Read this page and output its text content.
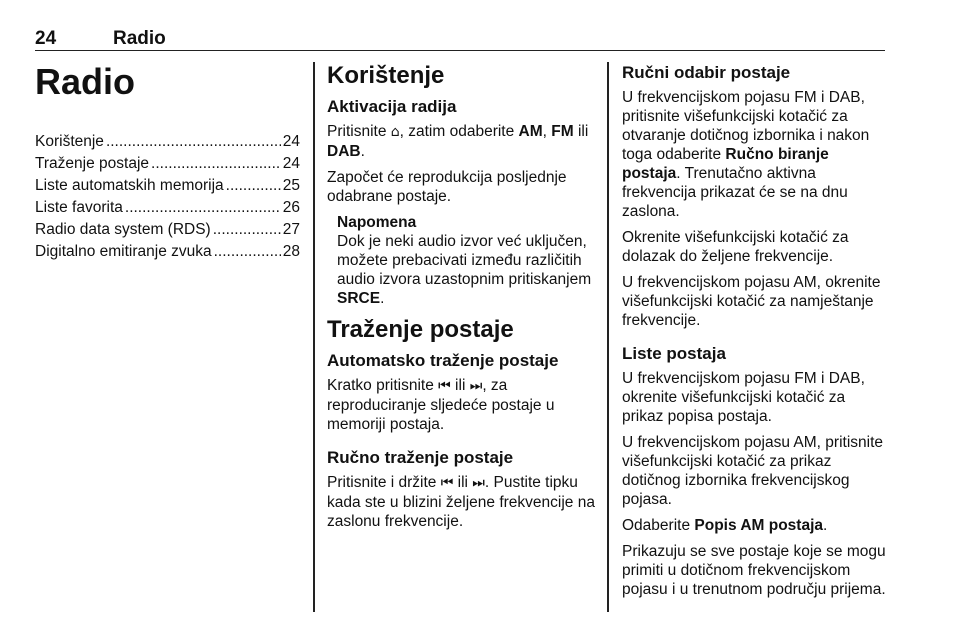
24	Radio
Radio
Korištenje .....	24
Traženje postaje .....	24
Liste automatskih memorija .....	25
Liste favorita .....	26
Radio data system (RDS) .....	27
Digitalno emitiranje zvuka .....	28
Korištenje
Aktivacija radija
Pritisnite ⌂, zatim odaberite AM, FM ili DAB.
Započet će reprodukcija posljednje odabrane postaje.
Napomena
Dok je neki audio izvor već uključen, možete prebacivati između različitih audio izvora uzastopnim pritiskanjem SRCE.
Traženje postaje
Automatsko traženje postaje
Kratko pritisnite ⏮ ili ⏭, za reproduciranje sljedeće postaje u memoriji postaja.
Ručno traženje postaje
Pritisnite i držite ⏮ ili ⏭. Pustite tipku kada ste u blizini željene frekvencije na zaslonu frekvencije.
Ručni odabir postaje
U frekvencijskom pojasu FM i DAB, pritisnite višefunkcijski kotačić za otvaranje dotičnog izbornika i nakon toga odaberite Ručno biranje postaja. Trenutačno aktivna frekvencija prikazat će se na dnu zaslona.
Okrenite višefunkcijski kotačić za dolazak do željene frekvencije.
U frekvencijskom pojasu AM, okrenite višefunkcijski kotačić za namještanje frekvencije.
Liste postaja
U frekvencijskom pojasu FM i DAB, okrenite višefunkcijski kotačić za prikaz popisa postaja.
U frekvencijskom pojasu AM, pritisnite višefunkcijski kotačić za prikaz dotičnog izbornika frekvencijskog pojasa.
Odaberite Popis AM postaja.
Prikazuju se sve postaje koje se mogu primiti u dotičnom frekvencijskom pojasu i u trenutnom području prijema.
